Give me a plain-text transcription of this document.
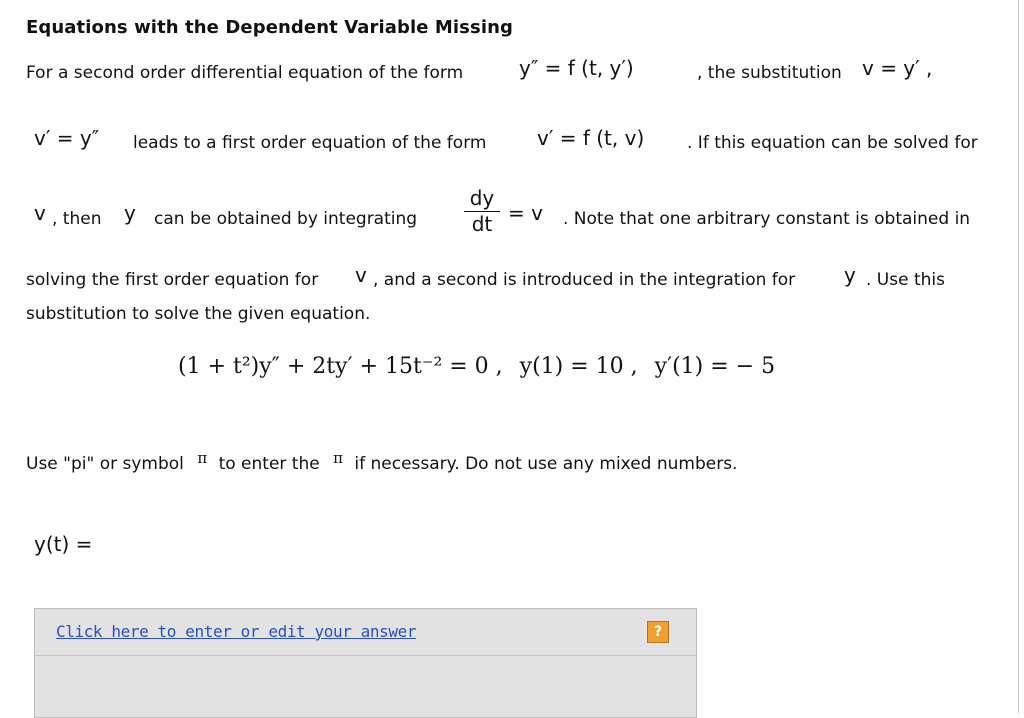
Equations with the Dependent Variable Missing
For a second order differential equation of the form	y″ = f (t, y′)	, the substitution v = y′ ,
v′ = y″ leads to a first order equation of the form	v′ = f (t, v)	. If this equation can be solved for
v , then y can be obtained by integrating
dy
dt = v . Note that one arbitrary constant is obtained in
solving the first order equation for v , and a second is introduced in the integration for y . Use this
substitution to solve the given equation.
(1 + t²)y″ + 2ty′ + 15t⁻² = 0 , y(1) = 10 , y′(1) = − 5
Use "pi" or symbol π to enter the π if necessary. Do not use any mixed numbers.
y(t) =
Click here to enter or edit your answer	?
